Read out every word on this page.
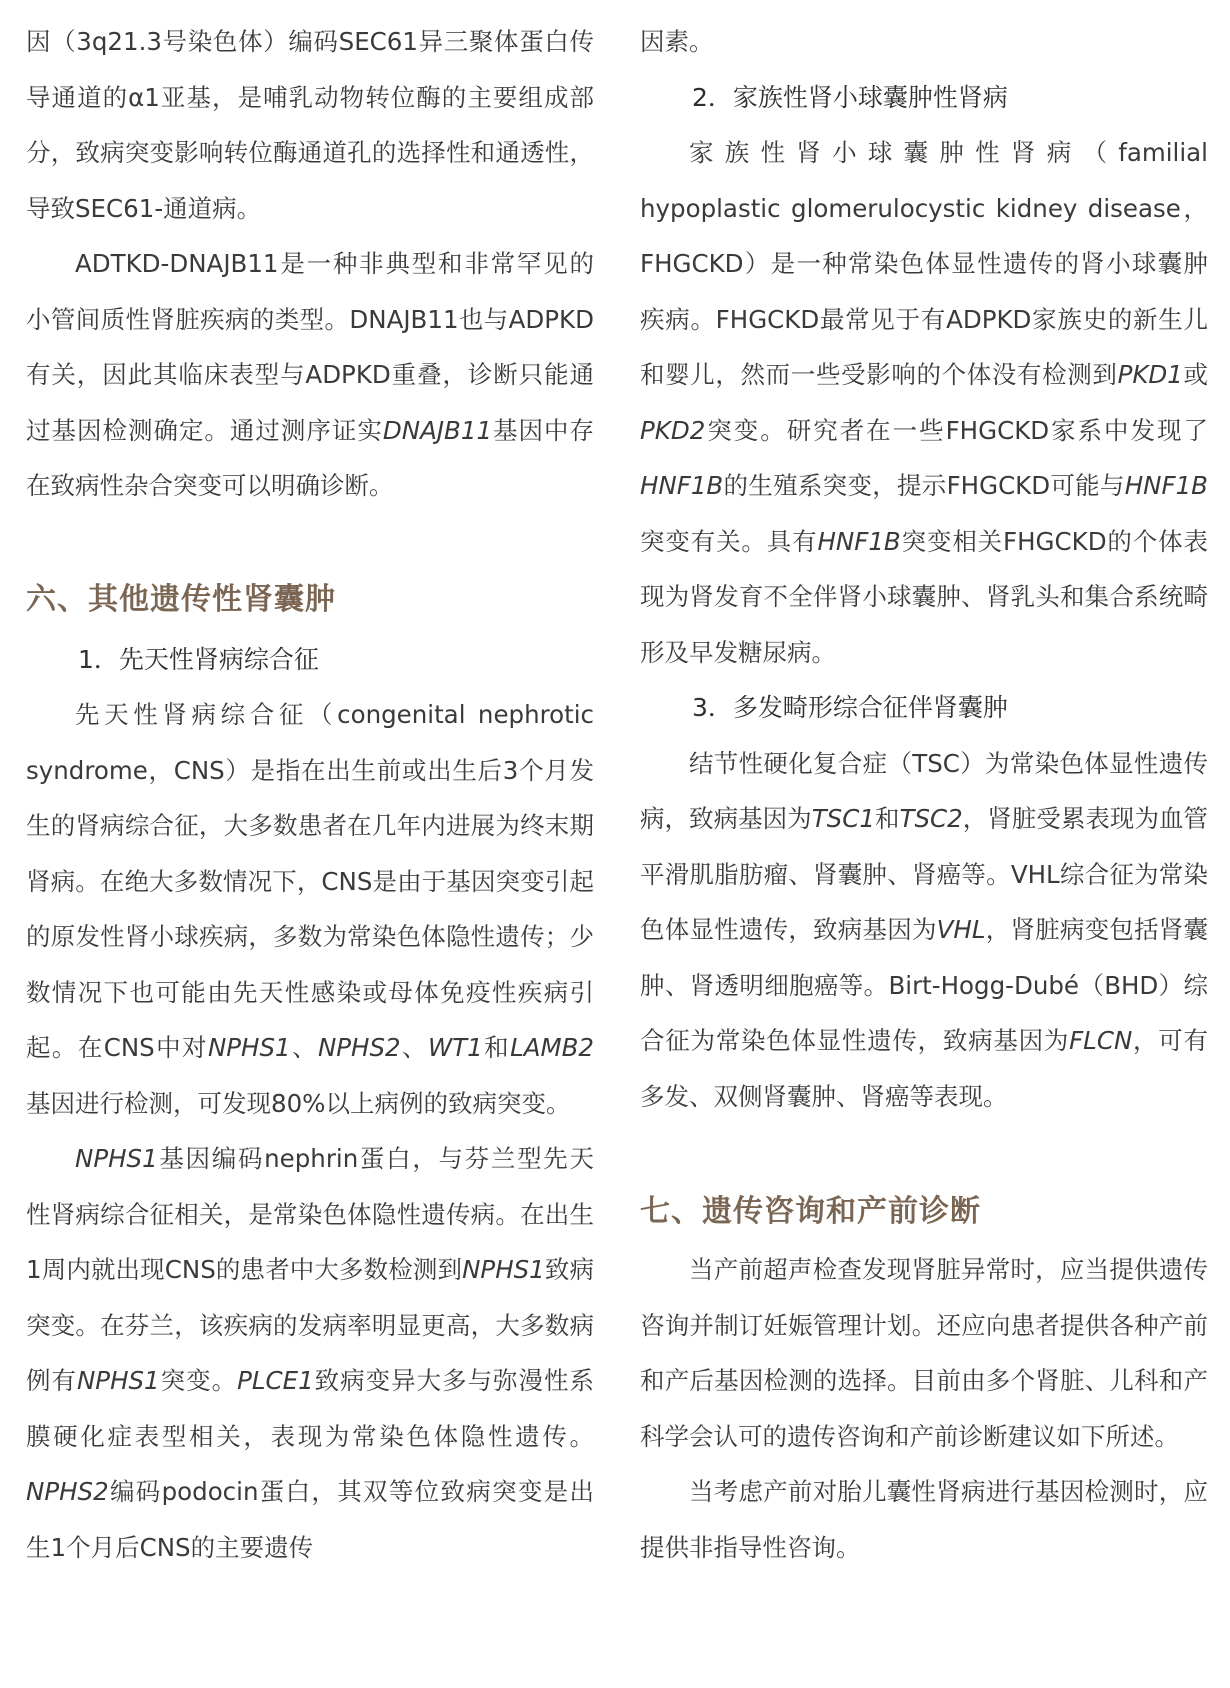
因（3q21.3号染色体）编码SEC61异三聚体蛋白传导通道的α1亚基，是哺乳动物转位酶的主要组成部分，致病突变影响转位酶通道孔的选择性和通透性，导致SEC61-通道病。

ADTKD-DNAJB11是一种非典型和非常罕见的小管间质性肾脏疾病的类型。DNAJB11也与ADPKD有关，因此其临床表型与ADPKD重叠，诊断只能通过基因检测确定。通过测序证实DNAJB11基因中存在致病性杂合突变可以明确诊断。

六、其他遗传性肾囊肿

1．先天性肾病综合征

先天性肾病综合征（congenital nephrotic syndrome，CNS）是指在出生前或出生后3个月发生的肾病综合征，大多数患者在几年内进展为终末期肾病。在绝大多数情况下，CNS是由于基因突变引起的原发性肾小球疾病，多数为常染色体隐性遗传；少数情况下也可能由先天性感染或母体免疫性疾病引起。在CNS中对NPHS1、NPHS2、WT1和LAMB2基因进行检测，可发现80%以上病例的致病突变。

NPHS1基因编码nephrin蛋白，与芬兰型先天性肾病综合征相关，是常染色体隐性遗传病。在出生1周内就出现CNS的患者中大多数检测到NPHS1致病突变。在芬兰，该疾病的发病率明显更高，大多数病例有NPHS1突变。PLCE1致病变异大多与弥漫性系膜硬化症表型相关，表现为常染色体隐性遗传。NPHS2编码podocin蛋白，其双等位致病突变是出生1个月后CNS的主要遗传

因素。

2．家族性肾小球囊肿性肾病

家族性肾小球囊肿性肾病（familial hypoplastic glomerulocystic kidney disease，FHGCKD）是一种常染色体显性遗传的肾小球囊肿疾病。FHGCKD最常见于有ADPKD家族史的新生儿和婴儿，然而一些受影响的个体没有检测到PKD1或PKD2突变。研究者在一些FHGCKD家系中发现了HNF1B的生殖系突变，提示FHGCKD可能与HNF1B突变有关。具有HNF1B突变相关FHGCKD的个体表现为肾发育不全伴肾小球囊肿、肾乳头和集合系统畸形及早发糖尿病。

3．多发畸形综合征伴肾囊肿

结节性硬化复合症（TSC）为常染色体显性遗传病，致病基因为TSC1和TSC2，肾脏受累表现为血管平滑肌脂肪瘤、肾囊肿、肾癌等。VHL综合征为常染色体显性遗传，致病基因为VHL，肾脏病变包括肾囊肿、肾透明细胞癌等。Birt-Hogg-Dubé（BHD）综合征为常染色体显性遗传，致病基因为FLCN，可有多发、双侧肾囊肿、肾癌等表现。

七、遗传咨询和产前诊断

当产前超声检查发现肾脏异常时，应当提供遗传咨询并制订妊娠管理计划。还应向患者提供各种产前和产后基因检测的选择。目前由多个肾脏、儿科和产科学会认可的遗传咨询和产前诊断建议如下所述。

当考虑产前对胎儿囊性肾病进行基因检测时，应提供非指导性咨询。
